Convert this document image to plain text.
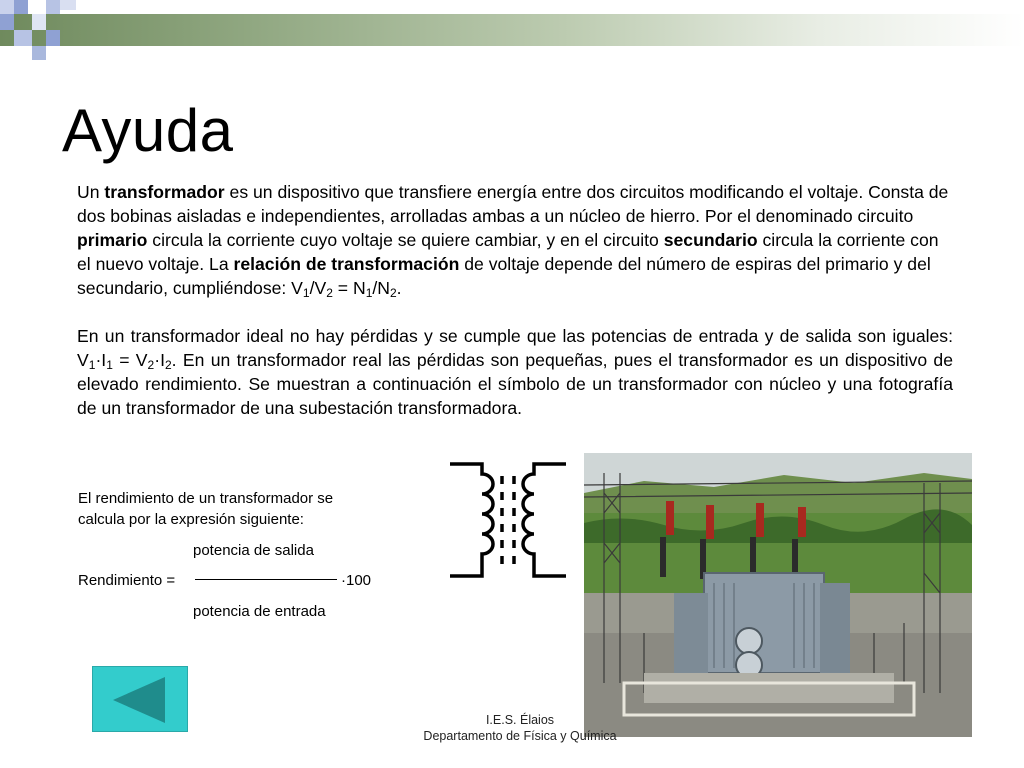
Ayuda

Un transformador es un dispositivo que transfiere energía entre dos circuitos modificando el voltaje. Consta de dos bobinas aisladas e independientes, arrolladas ambas a un núcleo de hierro. Por el denominado circuito primario circula la corriente cuyo voltaje se quiere cambiar, y en el circuito secundario circula la corriente con el nuevo voltaje. La relación de transformación de voltaje depende del número de espiras del primario y del secundario, cumpliéndose: $V_1/V_2 = N_1/N_2$.

En un transformador ideal no hay pérdidas y se cumple que las potencias de entrada y de salida son iguales: $V_1\cdot I_1 = V_2\cdot I_2$. En un transformador real las pérdidas son pequeñas, pues el transformador es un dispositivo de elevado rendimiento. Se muestran a continuación el símbolo de un transformador con núcleo y una fotografía de un transformador de una subestación transformadora.

El rendimiento de un transformador se
calcula por la expresión siguiente:
potencia de salida
Rendimiento =	·100
potencia de entrada
I.E.S. Élaios
Departamento de Física y Química
